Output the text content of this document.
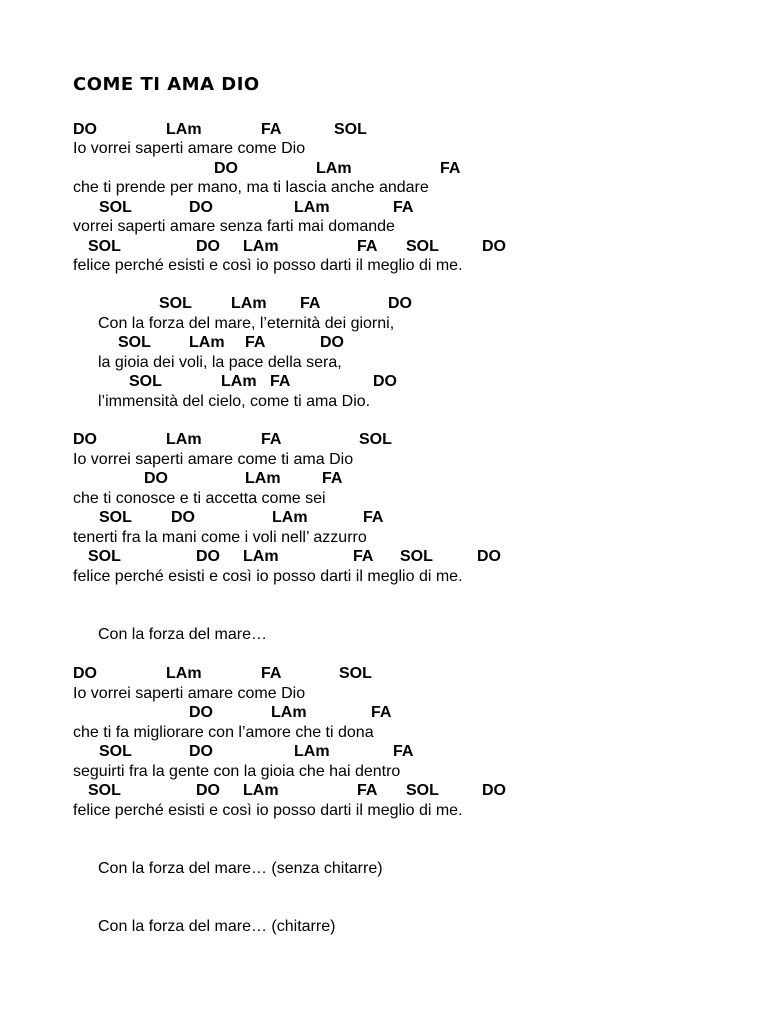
COME TI AMA DIO
DO	LAm	FA	SOL
Io vorrei saperti amare come Dio
DO	LAm	FA
che ti prende per mano, ma ti lascia anche andare
SOL	DO	LAm	FA
vorrei saperti amare senza farti mai domande
SOL	DO LAm	FA SOL	DO
felice perché esisti e così io posso darti il meglio di me.
SOL LAm FA	DO
Con la forza del mare, l’eternità dei giorni,
SOL LAm FA	DO
la gioia dei voli, la pace della sera,
SOL	LAm FA	DO
l’immensità del cielo, come ti ama Dio.
DO	LAm	FA	SOL
Io vorrei saperti amare come ti ama Dio
DO	LAm	FA
che ti conosce e ti accetta come sei
SOL DO	LAm	FA
tenerti fra la mani come i voli nell’ azzurro
SOL	DO LAm	FA SOL	DO
felice perché esisti e così io posso darti il meglio di me.
Con la forza del mare…
DO	LAm	FA	SOL
Io vorrei saperti amare come Dio
DO	LAm	FA
che ti fa migliorare con l’amore che ti dona
SOL	DO	LAm	FA
seguirti fra la gente con la gioia che hai dentro
SOL	DO LAm	FA SOL	DO
felice perché esisti e così io posso darti il meglio di me.
Con la forza del mare… (senza chitarre)
Con la forza del mare… (chitarre)
